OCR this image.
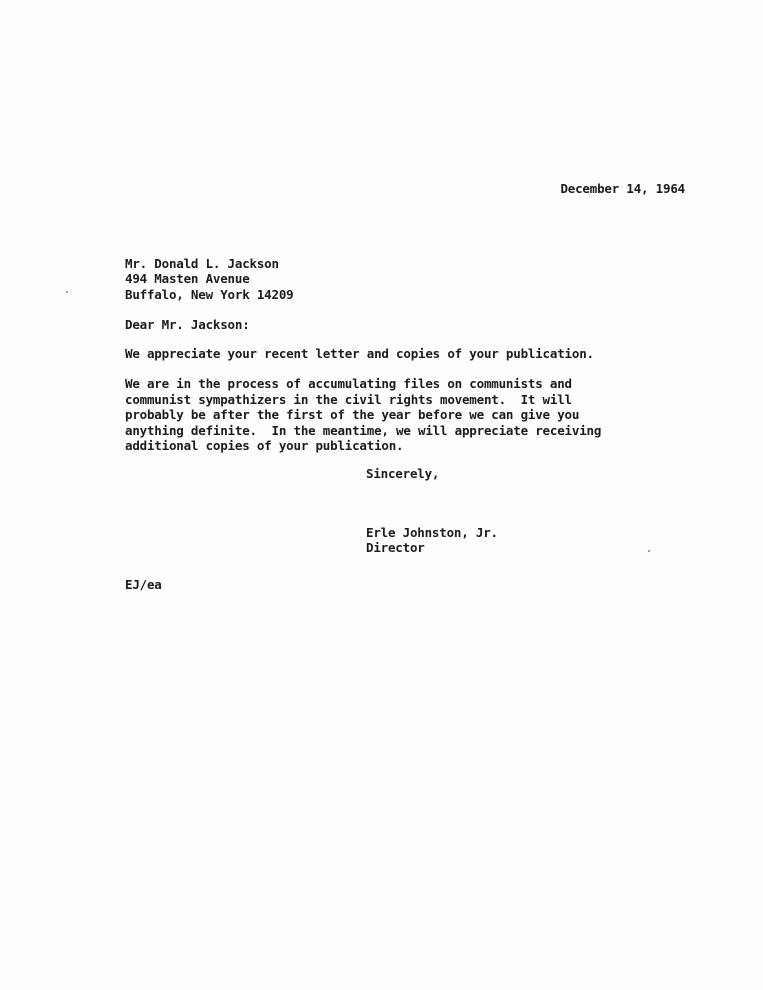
December 14, 1964
Mr. Donald L. Jackson
494 Masten Avenue
Buffalo, New York 14209
Dear Mr. Jackson:
We appreciate your recent letter and copies of your publication.
We are in the process of accumulating files on communists and
communist sympathizers in the civil rights movement.  It will
probably be after the first of the year before we can give you
anything definite.  In the meantime, we will appreciate receiving
additional copies of your publication.
Sincerely,
Erle Johnston, Jr.
Director
EJ/ea
